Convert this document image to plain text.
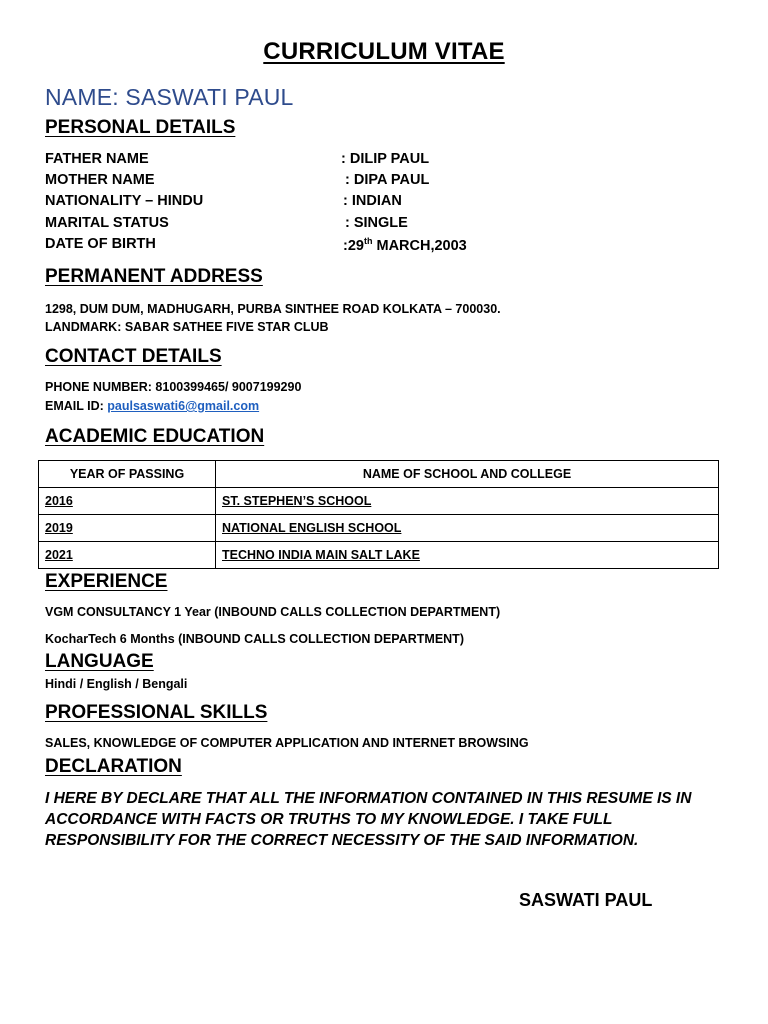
CURRICULUM VITAE
NAME: SASWATI PAUL
PERSONAL DETAILS
FATHER NAME	: DILIP PAUL
MOTHER NAME	: DIPA PAUL
NATIONALITY – HINDU	: INDIAN
MARITAL STATUS	: SINGLE
DATE OF BIRTH	:29th MARCH,2003
PERMANENT ADDRESS
1298, DUM DUM, MADHUGARH, PURBA SINTHEE ROAD KOLKATA – 700030.
LANDMARK: SABAR SATHEE FIVE STAR CLUB
CONTACT DETAILS
PHONE NUMBER: 8100399465/ 9007199290
EMAIL ID: paulsaswati6@gmail.com
ACADEMIC EDUCATION
YEAR OF PASSING	NAME OF SCHOOL AND COLLEGE
2016	ST. STEPHEN’S SCHOOL
2019	NATIONAL ENGLISH SCHOOL
2021	TECHNO INDIA MAIN SALT LAKE
EXPERIENCE
VGM CONSULTANCY 1 Year (INBOUND CALLS COLLECTION DEPARTMENT)
KocharTech 6 Months (INBOUND CALLS COLLECTION DEPARTMENT)
LANGUAGE
Hindi / English / Bengali
PROFESSIONAL SKILLS
SALES, KNOWLEDGE OF COMPUTER APPLICATION AND INTERNET BROWSING
DECLARATION
I HERE BY DECLARE THAT ALL THE INFORMATION CONTAINED IN THIS RESUME IS IN ACCORDANCE WITH FACTS OR TRUTHS TO MY KNOWLEDGE. I TAKE FULL RESPONSIBILITY FOR THE CORRECT NECESSITY OF THE SAID INFORMATION.
SASWATI PAUL
